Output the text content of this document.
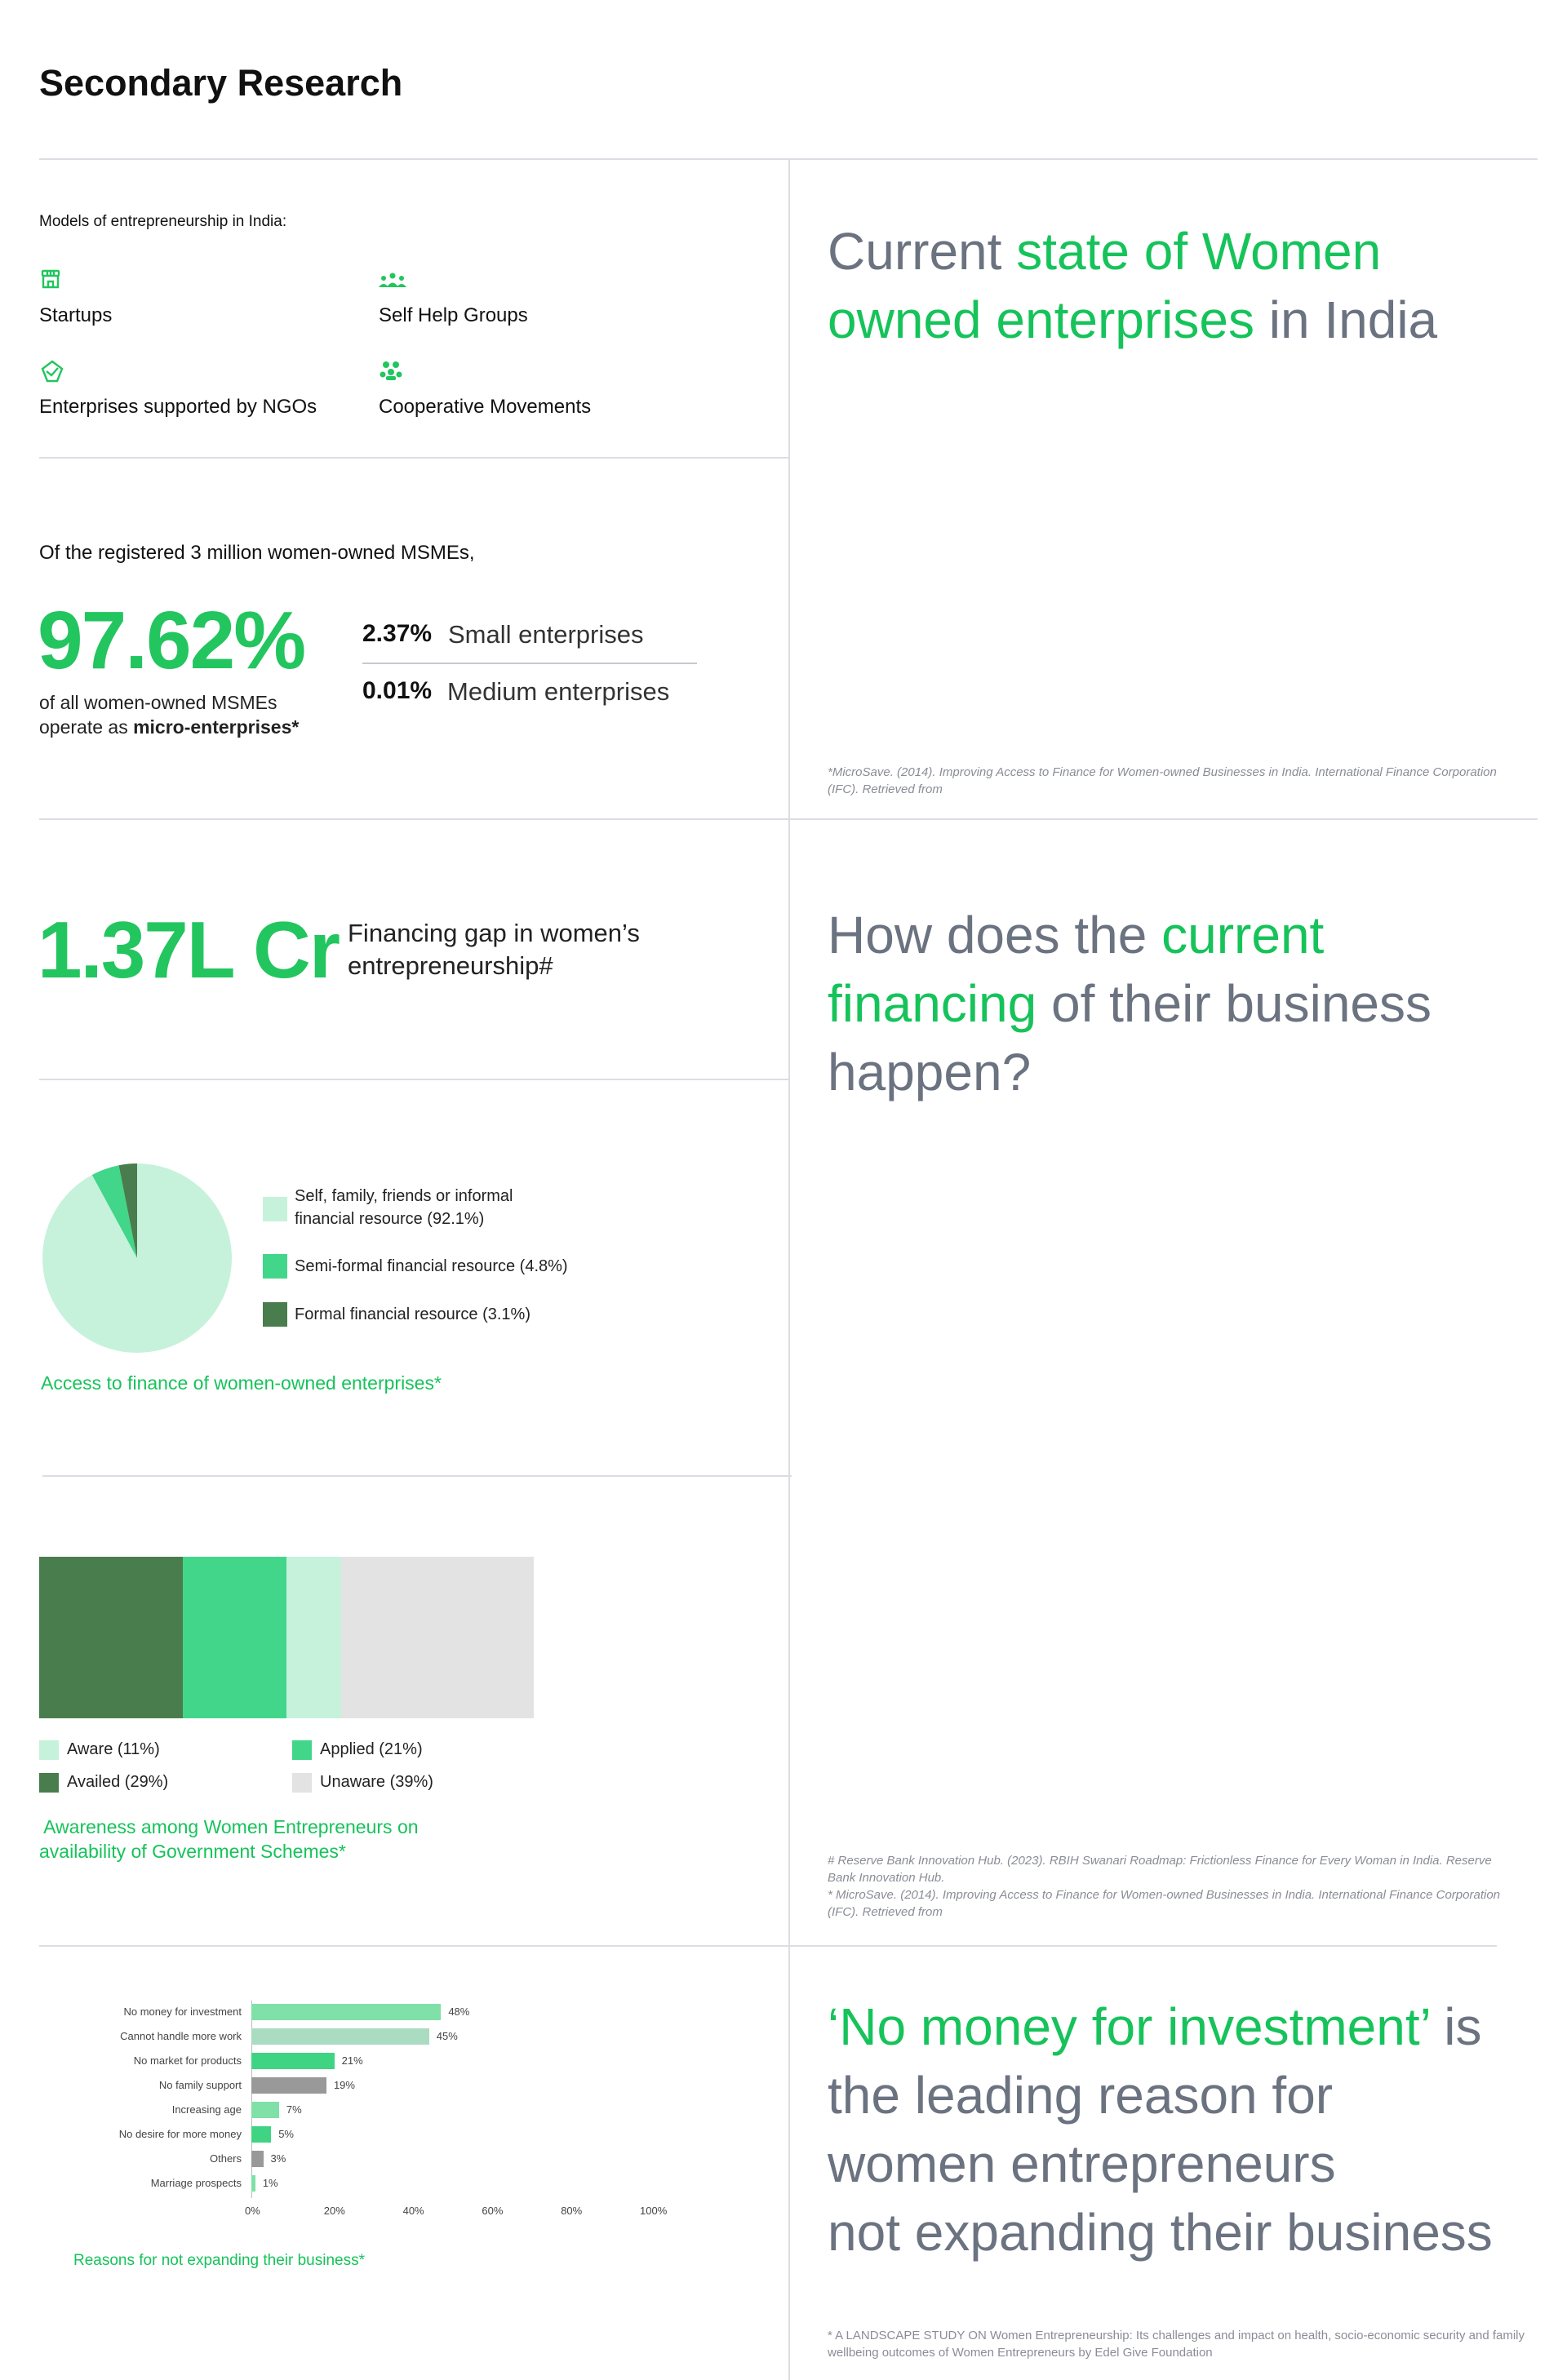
Secondary Research
Models of entrepreneurship in India:
Startups	Self Help Groups
Enterprises supported by NGOs	Cooperative Movements
Current state of Women owned enterprises in India
Of the registered 3 million women-owned MSMEs,
97.62%
of all women-owned MSMEs
operate as micro-enterprises*
2.37% Small enterprises
0.01% Medium enterprises
*MicroSave. (2014). Improving Access to Finance for Women-owned Businesses in India. International Finance Corporation (IFC). Retrieved from
1.37L Cr Financing gap in women’s
entrepreneurship#
How does the current financing of their business happen?
Self, family, friends or informal financial resource (92.1%)
Semi-formal financial resource (4.8%)
Formal financial resource (3.1%)
Access to finance of women-owned enterprises*
Aware (11%)	Applied (21%)
Availed (29%)	Unaware (39%)
Awareness among Women Entrepreneurs on
availability of Government Schemes*	# Reserve Bank Innovation Hub. (2023). RBIH Swanari Roadmap: Frictionless Finance for Every Woman in India. Reserve Bank Innovation Hub.
* MicroSave. (2014). Improving Access to Finance for Women-owned Businesses in India. International Finance Corporation (IFC). Retrieved from
Reasons for not expanding their business*
‘No money for investment’ is
the leading reason for
women entrepreneurs
not expanding their business
* A LANDSCAPE STUDY ON Women Entrepreneurship: Its challenges and impact on health, socio-economic security and family wellbeing outcomes of Women Entrepreneurs by Edel Give Foundation
No money for investment	48%
Cannot handle more work	45%
No market for products	21%
No family support	19%
Increasing age	7%
No desire for more money	5%
Others	3%
Marriage prospects 1%
0%	20%	40%	60%	80%	100%
